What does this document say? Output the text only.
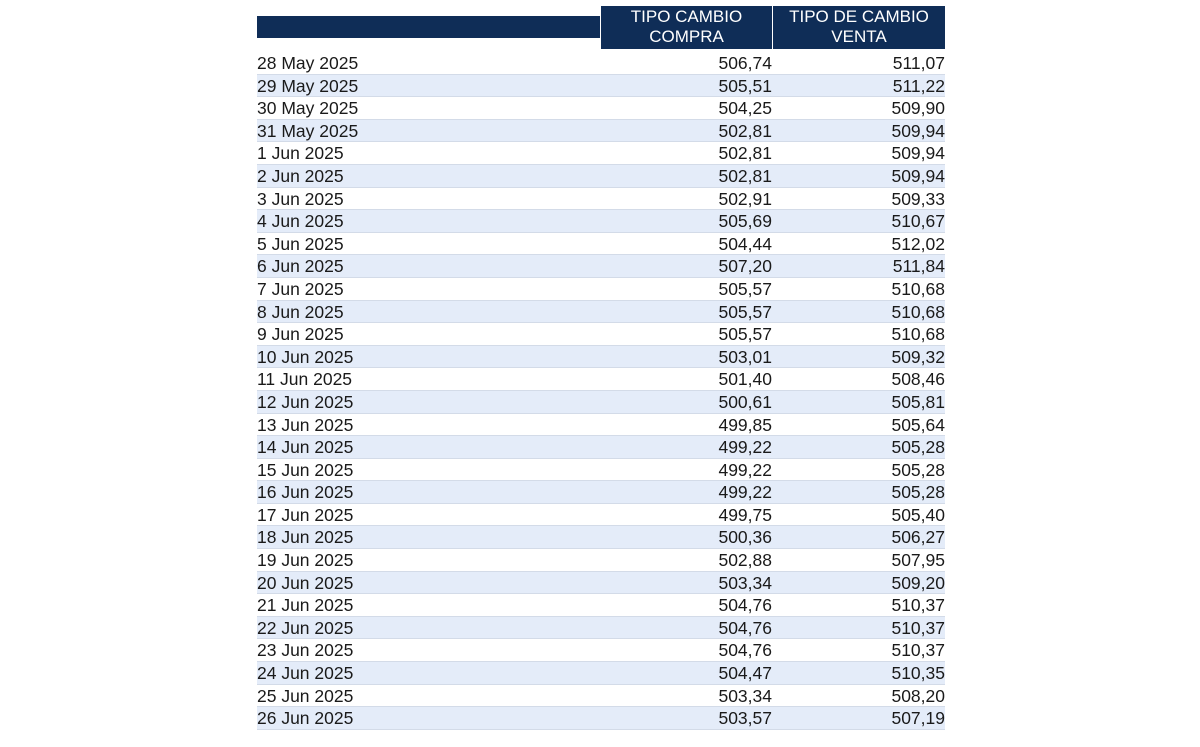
TIPO CAMBIO
COMPRA
TIPO DE CAMBIO
VENTA
28 May 2025	506,74	511,07
29 May 2025	505,51	511,22
30 May 2025	504,25	509,90
31 May 2025	502,81	509,94
1 Jun 2025	502,81	509,94
2 Jun 2025	502,81	509,94
3 Jun 2025	502,91	509,33
4 Jun 2025	505,69	510,67
5 Jun 2025	504,44	512,02
6 Jun 2025	507,20	511,84
7 Jun 2025	505,57	510,68
8 Jun 2025	505,57	510,68
9 Jun 2025	505,57	510,68
10 Jun 2025	503,01	509,32
11 Jun 2025	501,40	508,46
12 Jun 2025	500,61	505,81
13 Jun 2025	499,85	505,64
14 Jun 2025	499,22	505,28
15 Jun 2025	499,22	505,28
16 Jun 2025	499,22	505,28
17 Jun 2025	499,75	505,40
18 Jun 2025	500,36	506,27
19 Jun 2025	502,88	507,95
20 Jun 2025	503,34	509,20
21 Jun 2025	504,76	510,37
22 Jun 2025	504,76	510,37
23 Jun 2025	504,76	510,37
24 Jun 2025	504,47	510,35
25 Jun 2025	503,34	508,20
26 Jun 2025	503,57	507,19
